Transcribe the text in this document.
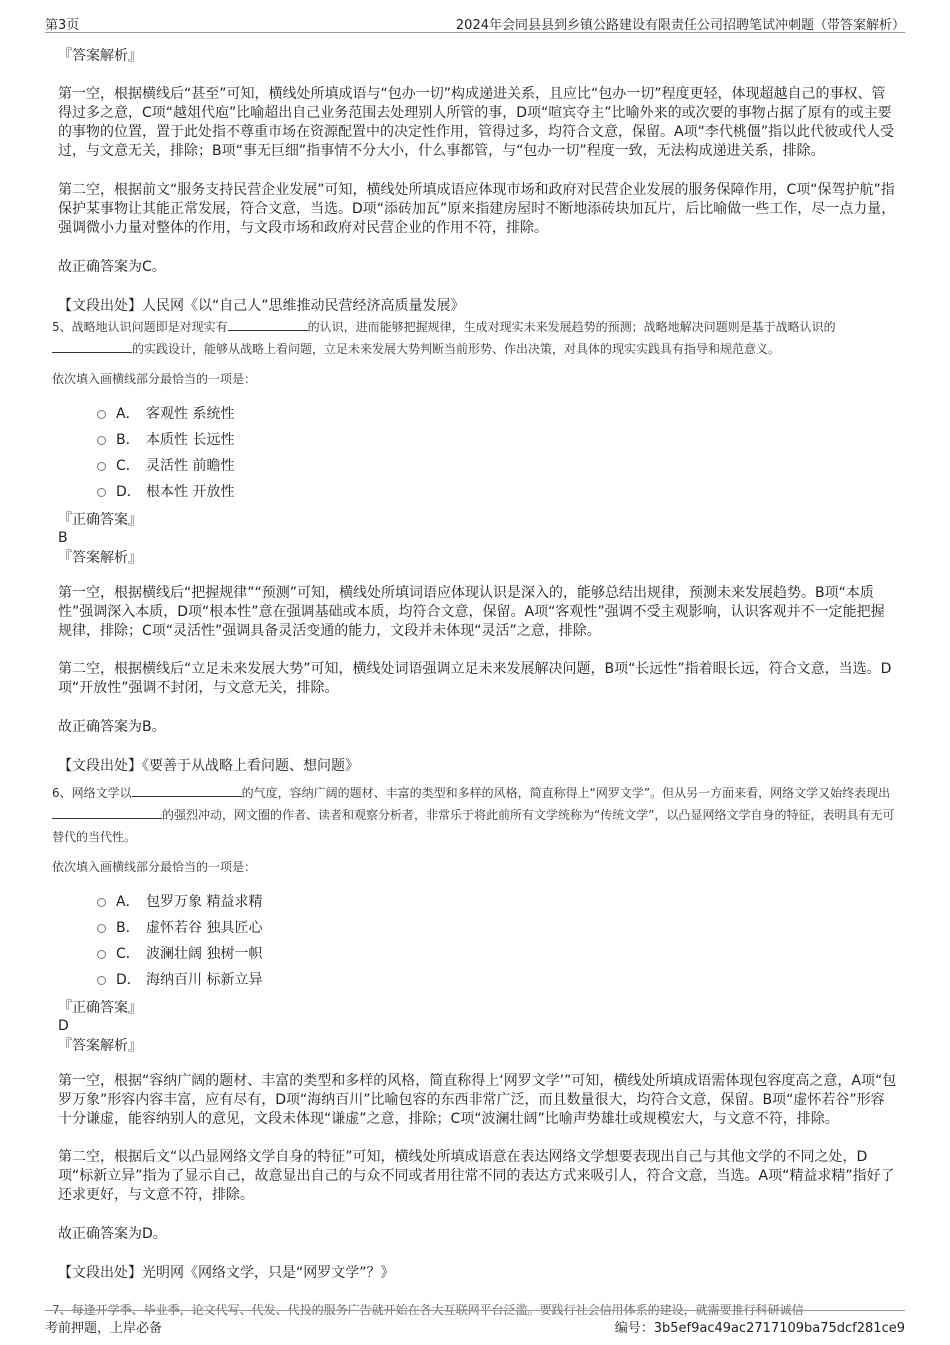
第3页	2024年会同县县到乡镇公路建设有限责任公司招聘笔试冲刺题（带答案解析）

『答案解析』

第一空，根据横线后“甚至”可知，横线处所填成语与“包办一切”构成递进关系，且应比“包办一切”程度更轻，体现超越自己的事权、管得过多之意，C项“越俎代庖”比喻超出自己业务范围去处理别人所管的事，D项“喧宾夺主”比喻外来的或次要的事物占据了原有的或主要的事物的位置，置于此处指不尊重市场在资源配置中的决定性作用，管得过多，均符合文意，保留。A项“李代桃僵”指以此代彼或代人受过，与文意无关，排除；B项“事无巨细”指事情不分大小，什么事都管，与“包办一切”程度一致，无法构成递进关系，排除。

第二空，根据前文“服务支持民营企业发展”可知，横线处所填成语应体现市场和政府对民营企业发展的服务保障作用，C项“保驾护航”指保护某事物让其能正常发展，符合文意，当选。D项“添砖加瓦”原来指建房屋时不断地添砖块加瓦片，后比喻做一些工作，尽一点力量，强调微小力量对整体的作用，与文段市场和政府对民营企业的作用不符，排除。

故正确答案为C。

【文段出处】人民网《以“自己人”思维推动民营经济高质量发展》

5、战略地认识问题即是对现实有	的认识，进而能够把握规律，生成对现实未来发展趋势的预测；战略地解决问题则是基于战略认识的的实践设计，能够从战略上看问题，立足未来发展大势判断当前形势、作出决策，对具体的现实实践具有指导和规范意义。

依次填入画横线部分最恰当的一项是：

A． 客观性 系统性
B． 本质性 长远性
C． 灵活性 前瞻性
D． 根本性 开放性

『正确答案』

B

『答案解析』

第一空，根据横线后“把握规律”“预测”可知，横线处所填词语应体现认识是深入的，能够总结出规律，预测未来发展趋势。B项“本质性”强调深入本质，D项“根本性”意在强调基础或本质，均符合文意，保留。A项“客观性”强调不受主观影响，认识客观并不一定能把握规律，排除；C项“灵活性”强调具备灵活变通的能力，文段并未体现“灵活”之意，排除。

第二空，根据横线后“立足未来发展大势”可知，横线处词语强调立足未来发展解决问题，B项“长远性”指着眼长远，符合文意，当选。D项“开放性”强调不封闭，与文意无关，排除。

故正确答案为B。

【文段出处】《要善于从战略上看问题、想问题》

6、网络文学以	的气度，容纳广阔的题材、丰富的类型和多样的风格，简直称得上“网罗文学”。但从另一方面来看，网络文学又始终表现出的强烈冲动，网文圈的作者、读者和观察分析者，非常乐于将此前所有文学统称为“传统文学”，以凸显网络文学自身的特征，表明具有无可替代的当代性。

依次填入画横线部分最恰当的一项是：

A． 包罗万象 精益求精
B． 虚怀若谷 独具匠心
C． 波澜壮阔 独树一帜
D． 海纳百川 标新立异

『正确答案』

D

『答案解析』

第一空，根据“容纳广阔的题材、丰富的类型和多样的风格，简直称得上‘网罗文学’”可知，横线处所填成语需体现包容度高之意，A项“包罗万象”形容内容丰富，应有尽有，D项“海纳百川”比喻包容的东西非常广泛，而且数量很大，均符合文意，保留。B项“虚怀若谷”形容十分谦虚，能容纳别人的意见，文段未体现“谦虚”之意，排除；C项“波澜壮阔”比喻声势雄壮或规模宏大，与文意不符，排除。

第二空，根据后文“以凸显网络文学自身的特征”可知，横线处所填成语意在表达网络文学想要表现出自己与其他文学的不同之处，D项“标新立异”指为了显示自己，故意显出自己的与众不同或者用往常不同的表达方式来吸引人，符合文意，当选。A项“精益求精”指好了还求更好，与文意不符，排除。

故正确答案为D。

【文段出处】光明网《网络文学，只是“网罗文学”？》

7、每逢开学季、毕业季，论文代写、代发、代投的服务广告就开始在各大互联网平台泛滥。要践行社会信用体系的建设，就需要推行科研诚信

考前押题，上岸必备	编号：3b5ef9ac49ac2717109ba75dcf281ce9
